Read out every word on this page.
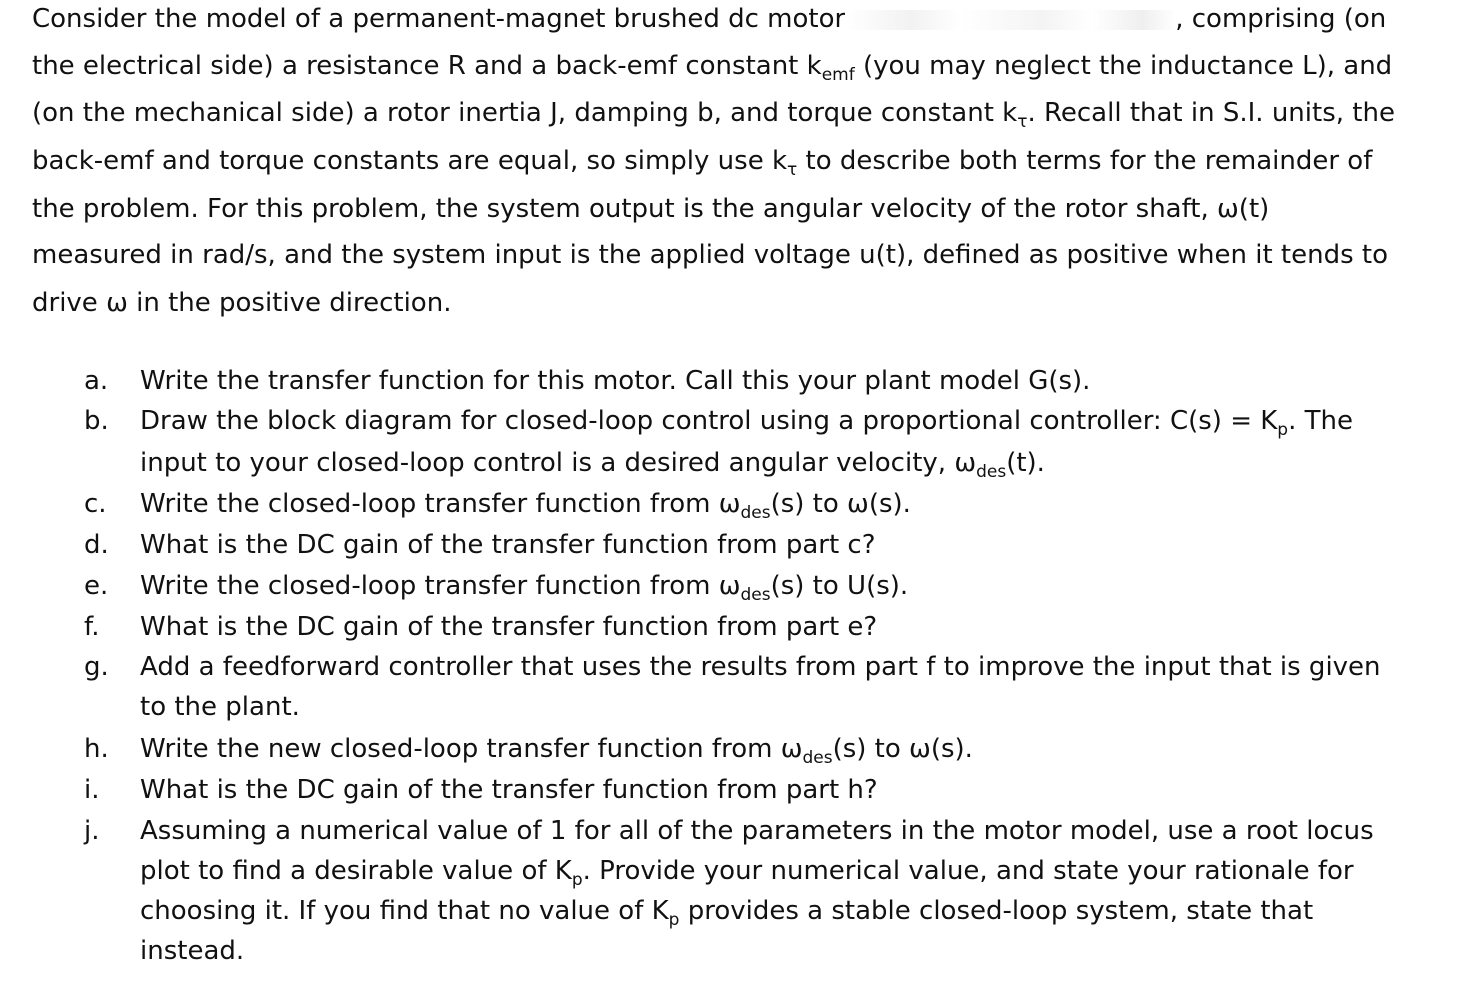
Consider the model of a permanent-magnet brushed dc motor	, comprising (on
the electrical side) a resistance R and a back-emf constant $k_{emf}$ (you may neglect the inductance L), and
(on the mechanical side) a rotor inertia J, damping b, and torque constant $k_\tau$. Recall that in S.I. units, the
back-emf and torque constants are equal, so simply use $k_\tau$ to describe both terms for the remainder of
the problem. For this problem, the system output is the angular velocity of the rotor shaft, ω(t)
measured in rad/s, and the system input is the applied voltage u(t), defined as positive when it tends to
drive ω in the positive direction.
a.	Write the transfer function for this motor. Call this your plant model G(s).
b.	Draw the block diagram for closed-loop control using a proportional controller: $C(s) = K_p$. The
input to your closed-loop control is a desired angular velocity, $\omega_{des}(t)$.
c.	Write the closed-loop transfer function from $\omega_{des}(s)$ to ω(s).
d.	What is the DC gain of the transfer function from part c?
e.	Write the closed-loop transfer function from $\omega_{des}(s)$ to U(s).
f.	What is the DC gain of the transfer function from part e?
g.	Add a feedforward controller that uses the results from part f to improve the input that is given
to the plant.
h.	Write the new closed-loop transfer function from $\omega_{des}(s)$ to ω(s).
i.	What is the DC gain of the transfer function from part h?
j.	Assuming a numerical value of 1 for all of the parameters in the motor model, use a root locus
plot to find a desirable value of $K_p$. Provide your numerical value, and state your rationale for
choosing it. If you find that no value of $K_p$ provides a stable closed-loop system, state that
instead.
